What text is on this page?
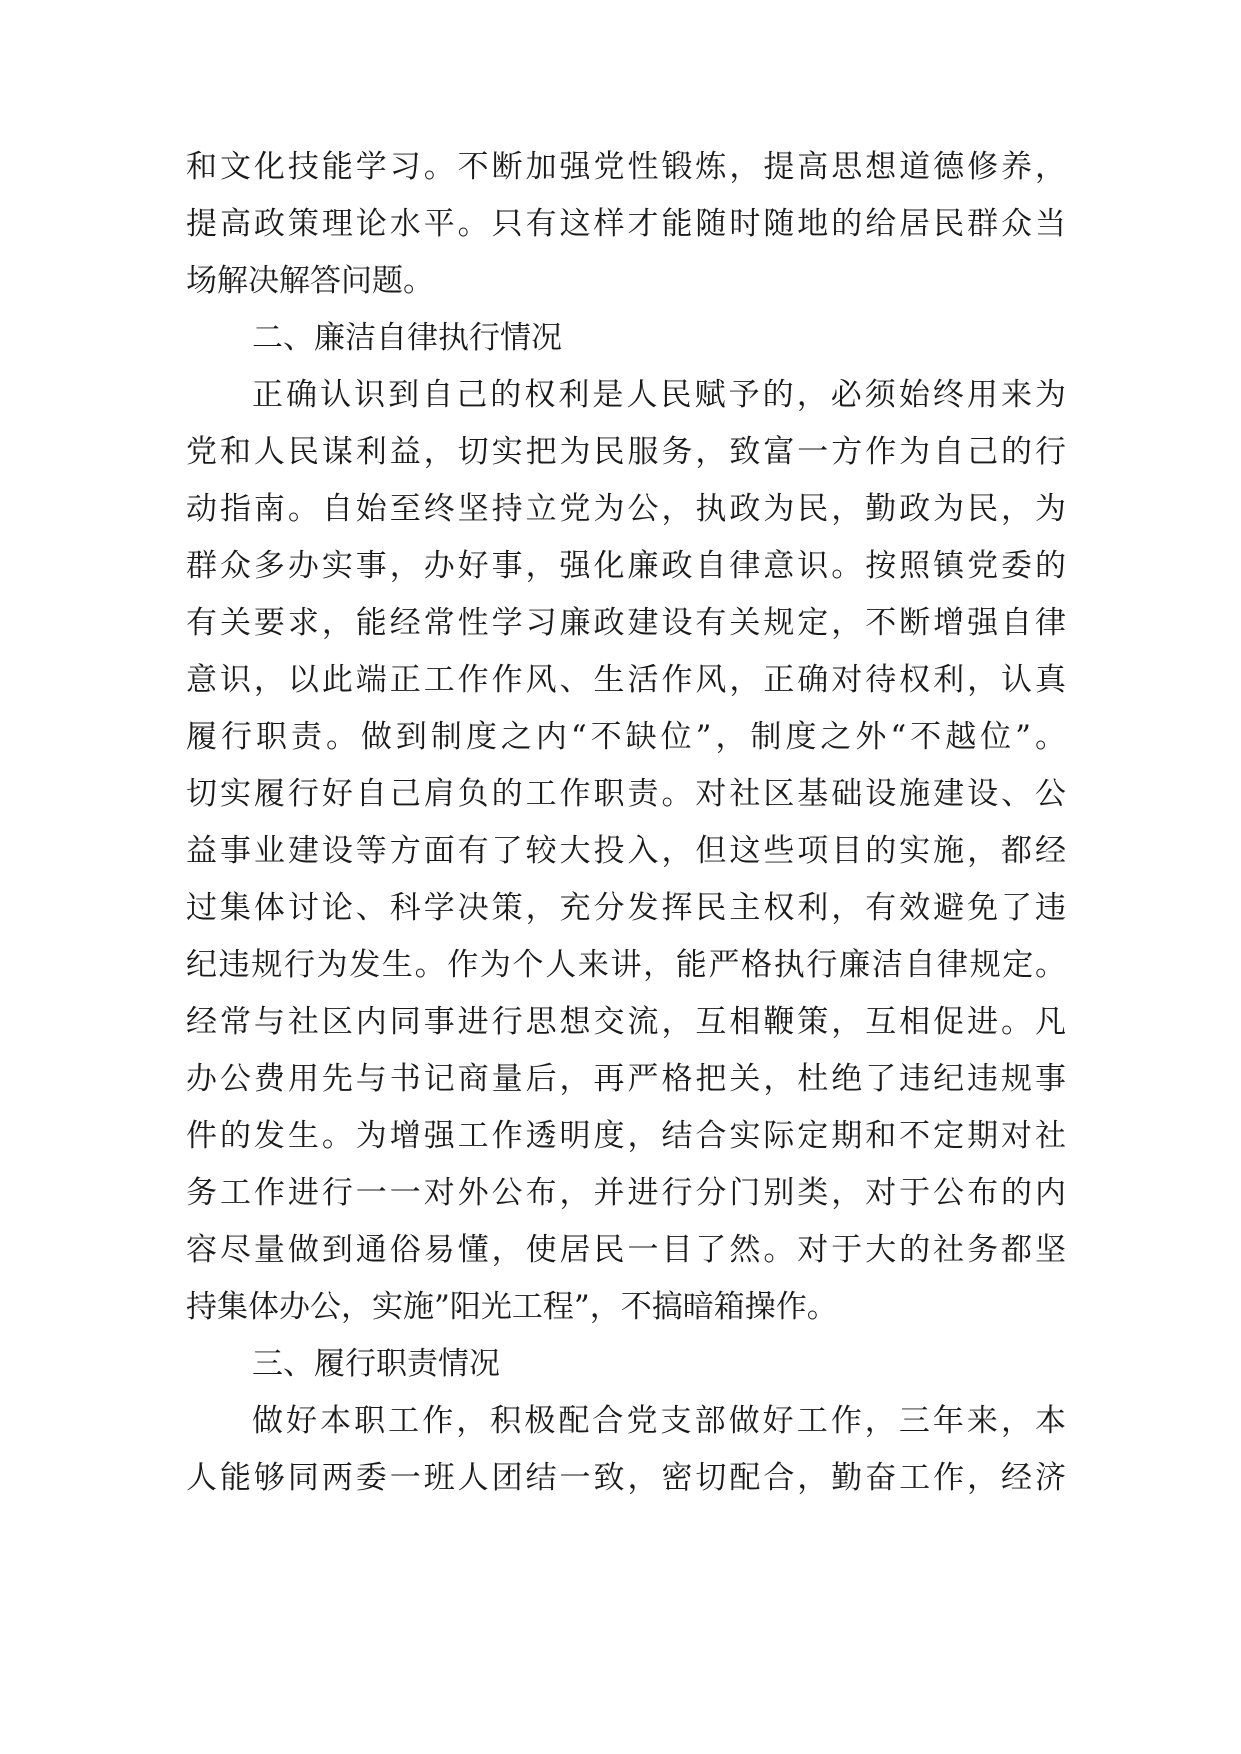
和文化技能学习。不断加强党性锻炼，提高思想道德修养，
提高政策理论水平。只有这样才能随时随地的给居民群众当
场解决解答问题。
二、廉洁自律执行情况
正确认识到自己的权利是人民赋予的，必须始终用来为
党和人民谋利益，切实把为民服务，致富一方作为自己的行
动指南。自始至终坚持立党为公，执政为民，勤政为民，为
群众多办实事，办好事，强化廉政自律意识。按照镇党委的
有关要求，能经常性学习廉政建设有关规定，不断增强自律
意识，以此端正工作作风、生活作风，正确对待权利，认真
履行职责。做到制度之内“不缺位”，制度之外“不越位”。
切实履行好自己肩负的工作职责。对社区基础设施建设、公
益事业建设等方面有了较大投入，但这些项目的实施，都经
过集体讨论、科学决策，充分发挥民主权利，有效避免了违
纪违规行为发生。作为个人来讲，能严格执行廉洁自律规定。
经常与社区内同事进行思想交流，互相鞭策，互相促进。凡
办公费用先与书记商量后，再严格把关，杜绝了违纪违规事
件的发生。为增强工作透明度，结合实际定期和不定期对社
务工作进行一一对外公布，并进行分门别类，对于公布的内
容尽量做到通俗易懂，使居民一目了然。对于大的社务都坚
持集体办公，实施”阳光工程”，不搞暗箱操作。
三、履行职责情况
做好本职工作，积极配合党支部做好工作，三年来，本
人能够同两委一班人团结一致，密切配合，勤奋工作，经济
